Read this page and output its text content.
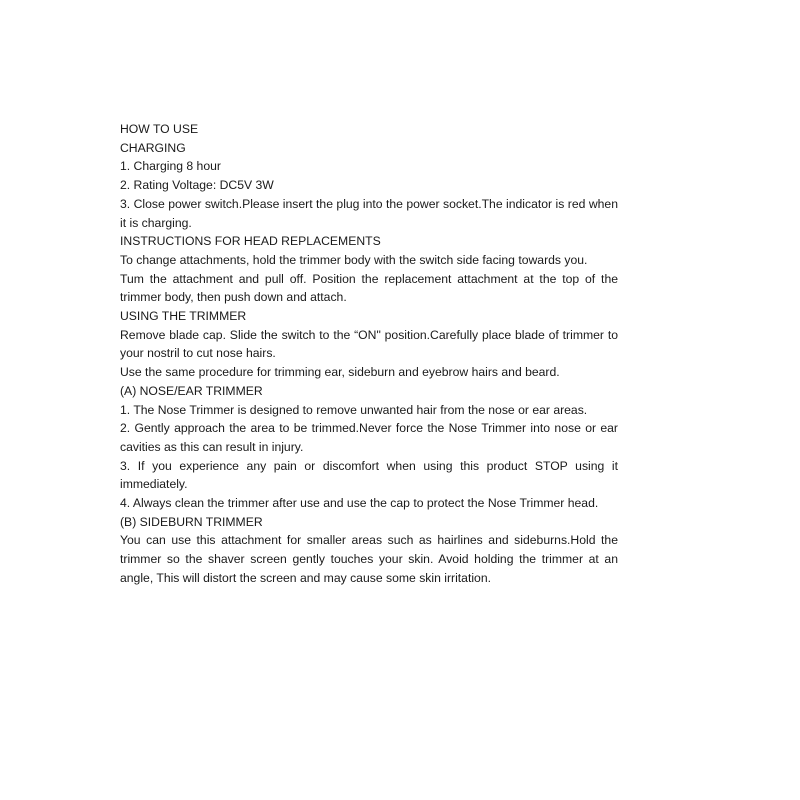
HOW TO USE

CHARGING

1. Charging 8 hour

2. Rating Voltage: DC5V 3W

3. Close power switch.Please insert the plug into the power socket.The indicator is red when it is charging.

INSTRUCTIONS FOR HEAD REPLACEMENTS

To change attachments, hold the trimmer body with the switch side facing towards you.

Tum the attachment and pull off. Position the replacement attachment at the top of the trimmer body, then push down and attach.

USING THE TRIMMER

Remove blade cap. Slide the switch to the “ON" position.Carefully place blade of trimmer to your nostril to cut nose hairs.

Use the same procedure for trimming ear, sideburn and eyebrow hairs and beard.

(A) NOSE/EAR TRIMMER

1. The Nose Trimmer is designed to remove unwanted hair from the nose or ear areas.

2. Gently approach the area to be trimmed.Never force the Nose Trimmer into nose or ear cavities as this can result in injury.

3. If you experience any pain or discomfort when using this product STOP using it immediately.

4. Always clean the trimmer after use and use the cap to protect the Nose Trimmer head.

(B) SIDEBURN TRIMMER

You can use this attachment for smaller areas such as hairlines and sideburns.Hold the trimmer so the shaver screen gently touches your skin. Avoid holding the trimmer at an angle, This will distort the screen and may cause some skin irritation.
